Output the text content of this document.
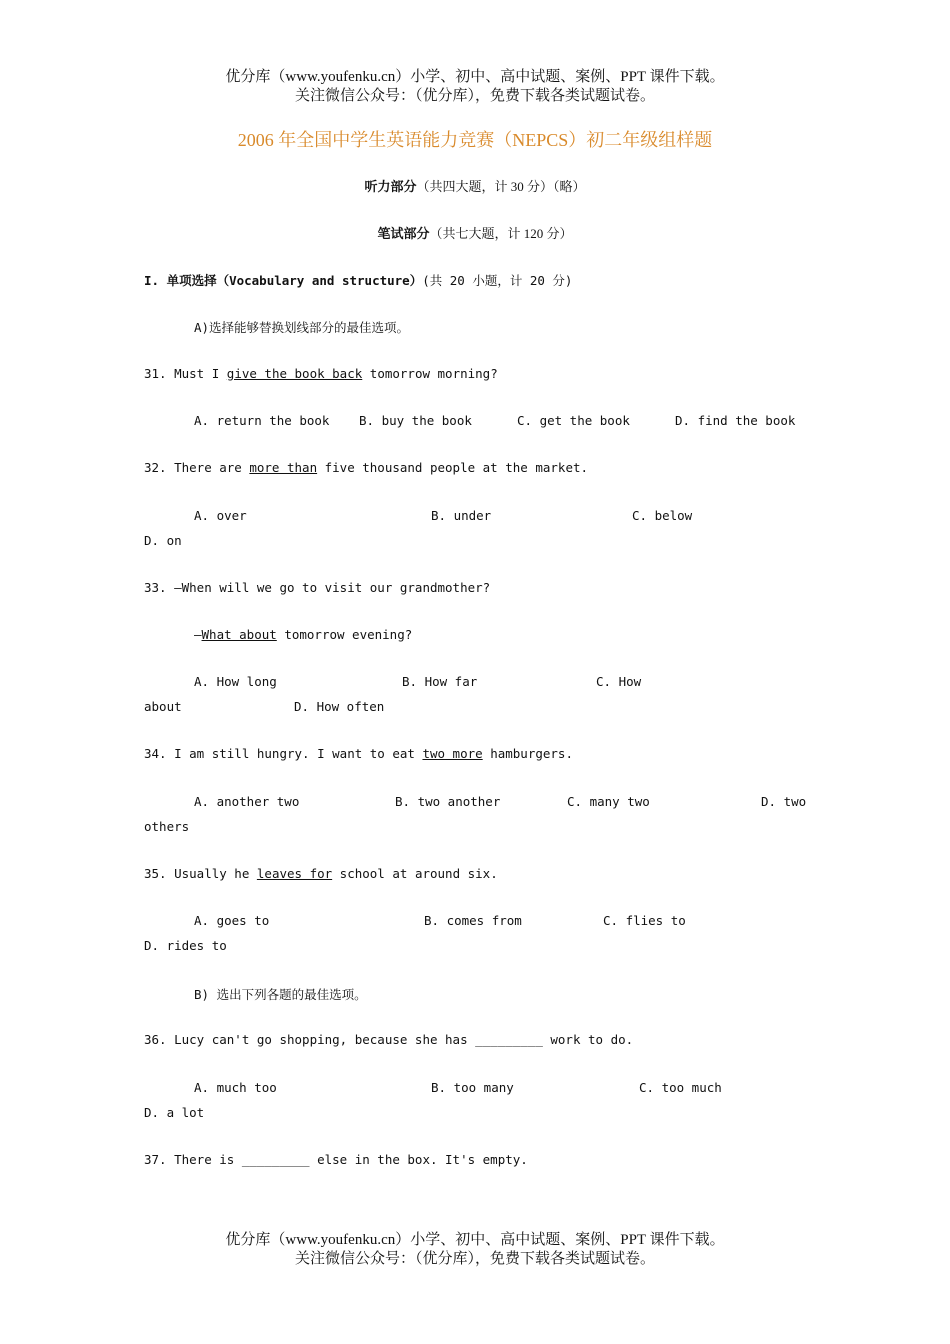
优分库（www.youfenku.cn）小学、初中、高中试题、案例、PPT 课件下载。
关注微信公众号：（优分库），免费下载各类试题试卷。
2006 年全国中学生英语能力竞赛（NEPCS）初二年级组样题
听力部分（共四大题，计 30 分）（略）
笔试部分（共七大题，计 120 分）
I. 单项选择（Vocabulary and structure）(共 20 小题，计 20 分)
A)选择能够替换划线部分的最佳选项。
31. Must I give the book back tomorrow morning?
A. return the book B. buy the book	C. get the book	D. find the book
32. There are more than five thousand people at the market.
A. over	B. under	C. below
D. on
33. —When will we go to visit our grandmother?
—What about tomorrow evening?
A. How long	B. How far	C. How
about	D. How often
34. I am still hungry. I want to eat two more hamburgers.
A. another two	B. two another	C. many two	D. two
others
35. Usually he leaves for school at around six.
A. goes to	B. comes from	C. flies to
D. rides to
B) 选出下列各题的最佳选项。
36. Lucy can't go shopping, because she has _________ work to do.
A. much too	B. too many	C. too much
D. a lot
37. There is _________ else in the box. It's empty.
优分库（www.youfenku.cn）小学、初中、高中试题、案例、PPT 课件下载。
关注微信公众号：（优分库），免费下载各类试题试卷。
